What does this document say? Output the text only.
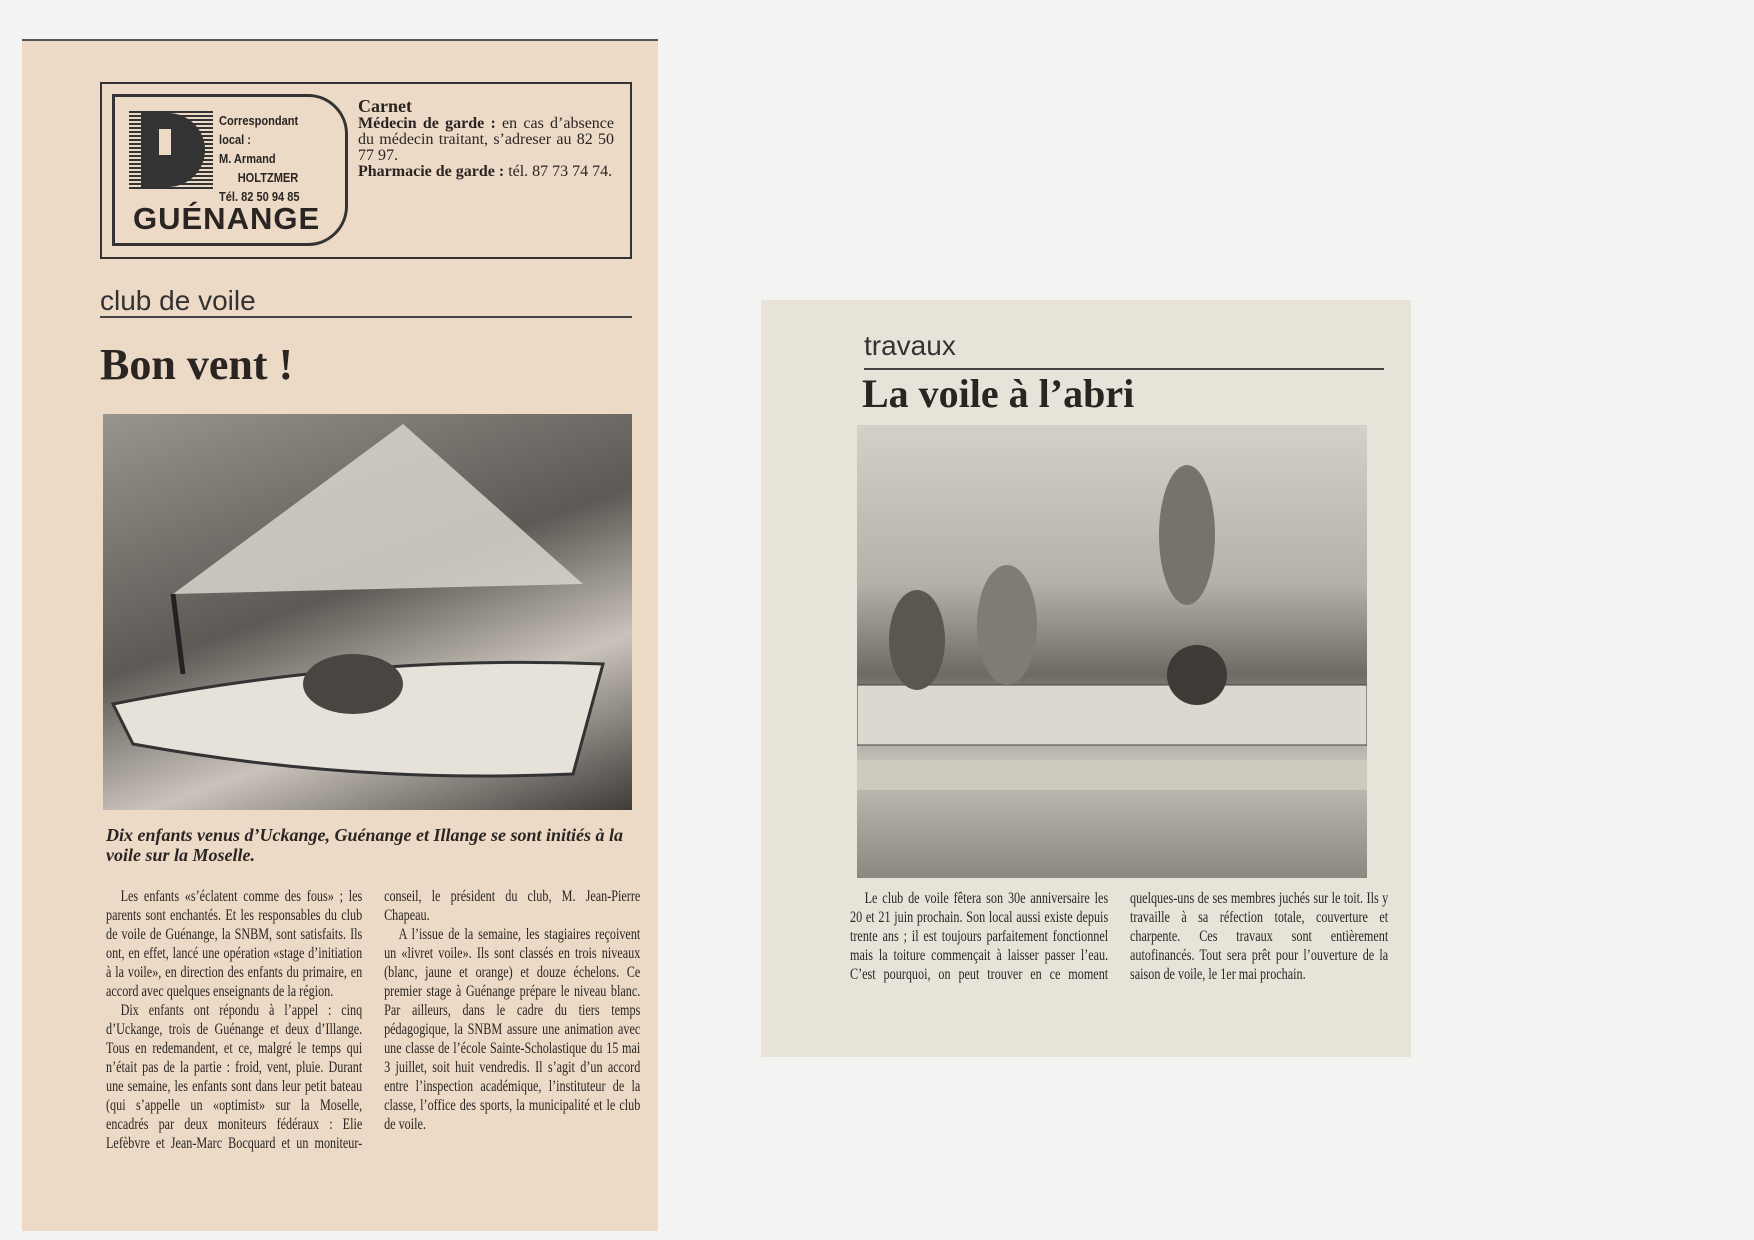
Correspondant local :
M. Armand
HOLTZMER
Tél. 82 50 94 85
GUÉNANGE
Carnet
Médecin de garde : en cas d’absence du médecin traitant, s’adreser au 82 50 77 97.
Pharmacie de garde : tél. 87 73 74 74.
club de voile
Bon vent !
Dix enfants venus d’Uckange, Guénange et Illange se sont initiés à la voile sur la Moselle.

Les enfants «s’éclatent comme des fous» ; les parents sont enchantés. Et les responsables du club de voile de Guénange, la SNBM, sont satisfaits. Ils ont, en effet, lancé une opération «stage d’initiation à la voile», en direction des enfants du primaire, en accord avec quelques enseignants de la région.

Dix enfants ont répondu à l’appel : cinq d’Uckange, trois de Guénange et deux d’Illange. Tous en redemandent, et ce, malgré le temps qui n’était pas de la partie : froid, vent, pluie. Durant une semaine, les enfants sont dans leur petit bateau (qui s’appelle un «optimist» sur la Moselle, encadrés par deux moniteurs fédéraux : Elie Lefèbvre et Jean-Marc Bocquard et un moniteur-conseil, le président du club, M. Jean-Pierre Chapeau.

A l’issue de la semaine, les stagiaires reçoivent un «livret voile». Ils sont classés en trois niveaux (blanc, jaune et orange) et douze échelons. Ce premier stage à Guénange prépare le niveau blanc. Par ailleurs, dans le cadre du tiers temps pédagogique, la SNBM assure une animation avec une classe de l’école Sainte-Scholastique du 15 mai 3 juillet, soit huit vendredis. Il s’agit d’un accord entre l’inspection académique, l’instituteur de la classe, l’office des sports, la municipalité et le club de voile.

travaux
La voile à l’abri

Le club de voile fêtera son 30e anniversaire les 20 et 21 juin prochain. Son local aussi existe depuis trente ans ; il est toujours parfaitement fonctionnel mais la toiture commençait à laisser passer l’eau. C’est pourquoi, on peut trouver en ce moment quelques-uns de ses membres juchés sur le toit. Ils y travaille à sa réfection totale, couverture et charpente. Ces travaux sont entièrement autofinancés. Tout sera prêt pour l’ouverture de la saison de voile, le 1er mai prochain.
